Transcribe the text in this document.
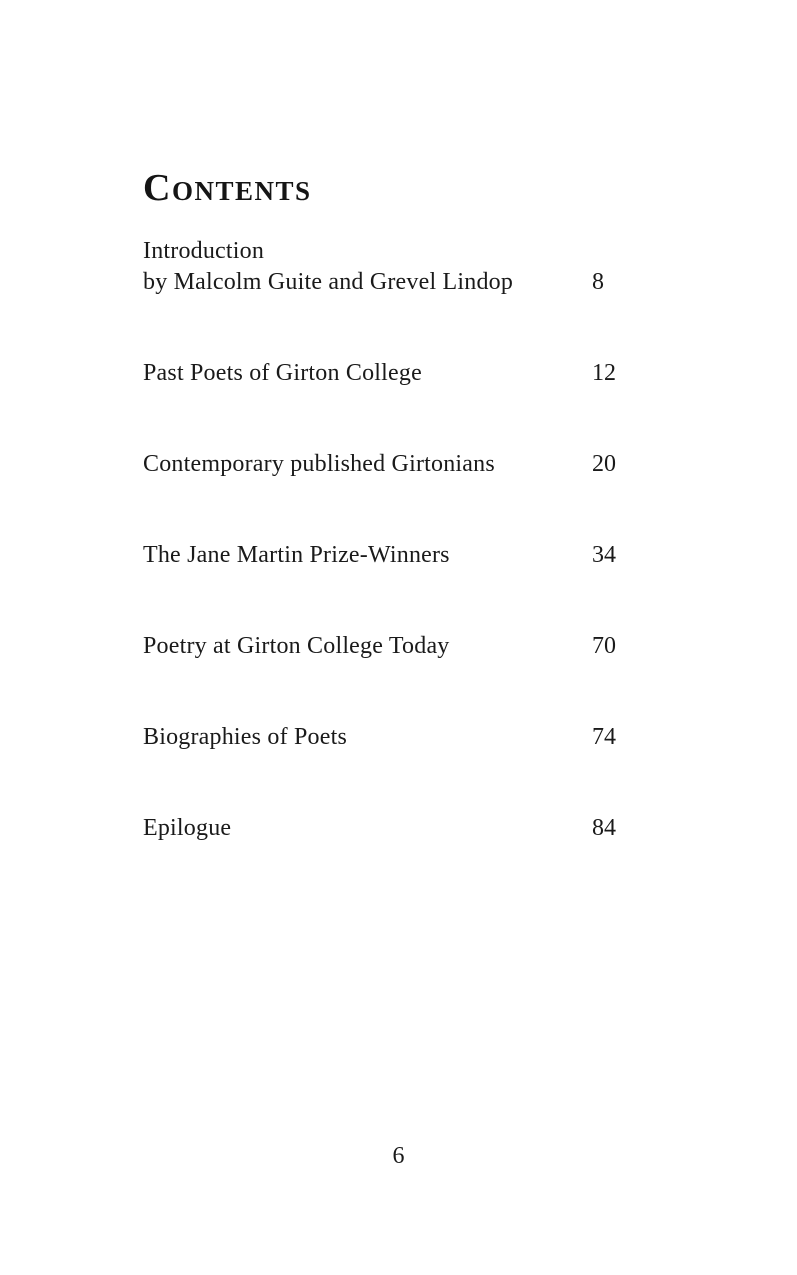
Contents
Introduction
by Malcolm Guite and Grevel Lindop	8
Past Poets of Girton College	12
Contemporary published Girtonians	20
The Jane Martin Prize-Winners	34
Poetry at Girton College Today	70
Biographies of Poets	74
Epilogue	84
6
